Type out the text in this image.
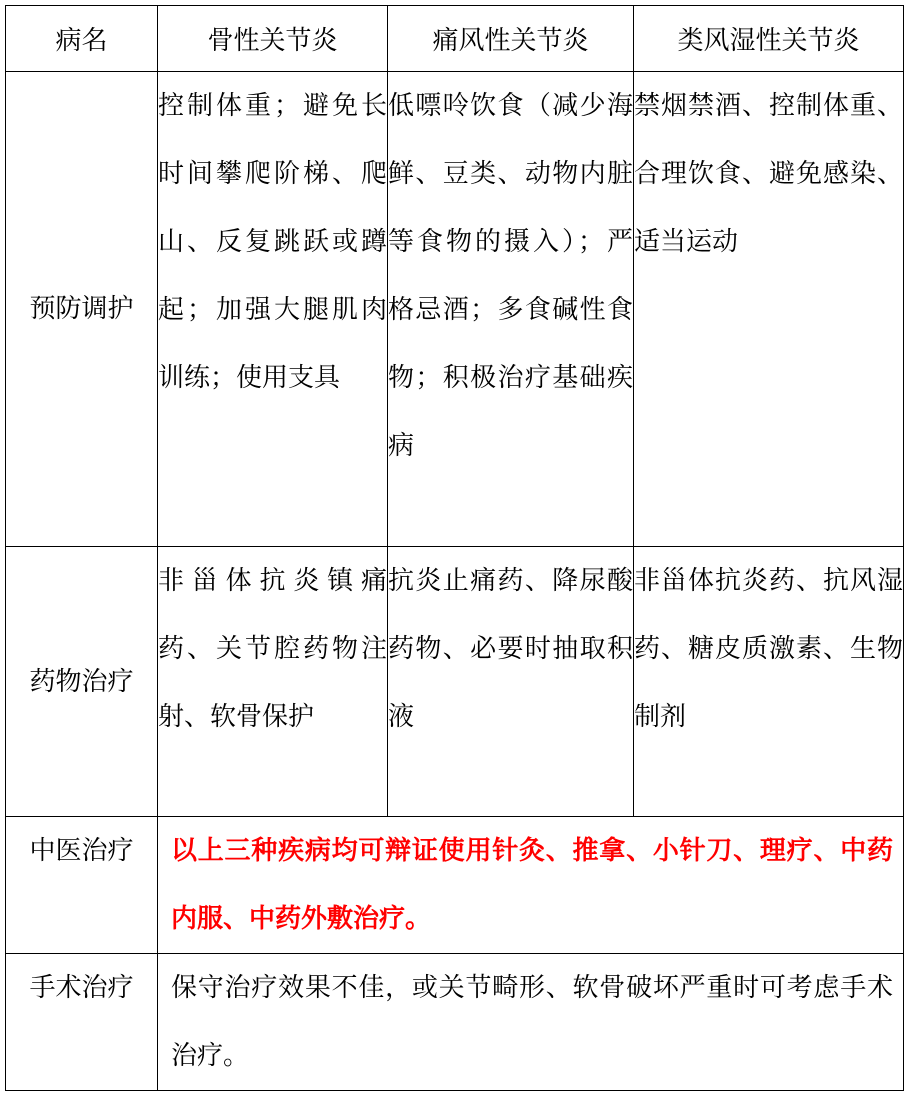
病名	骨性关节炎	痛风性关节炎	类风湿性关节炎
预防调护	控制体重；避免长时间攀爬阶梯、爬山、反复跳跃或蹲起；加强大腿肌肉训练；使用支具	低嘌呤饮食（减少海鲜、豆类、动物内脏等食物的摄入）；严格忌酒；多食碱性食物；积极治疗基础疾病	禁烟禁酒、控制体重、合理饮食、避免感染、适当运动
药物治疗	非甾体抗炎镇痛药、关节腔药物注射、软骨保护	抗炎止痛药、降尿酸药物、必要时抽取积液	非甾体抗炎药、抗风湿药、糖皮质激素、生物制剂
中医治疗	以上三种疾病均可辩证使用针灸、推拿、小针刀、理疗、中药内服、中药外敷治疗。		
手术治疗	保守治疗效果不佳，或关节畸形、软骨破坏严重时可考虑手术治疗。		
